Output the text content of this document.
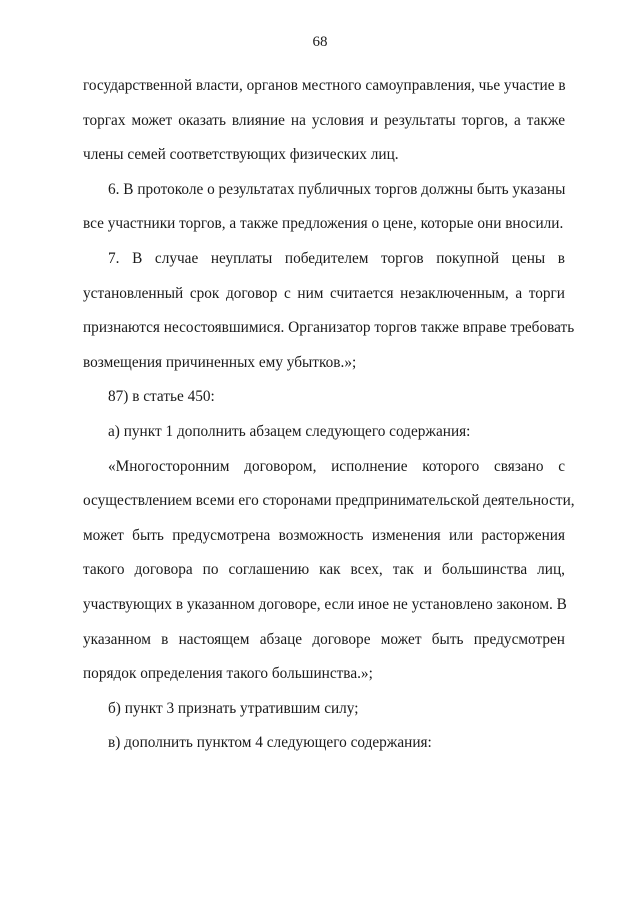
68
государственной власти, органов местного самоуправления, чье участие в
торгах может оказать влияние на условия и результаты торгов, а также
члены семей соответствующих физических лиц.
6. В протоколе о результатах публичных торгов должны быть указаны
все участники торгов, а также предложения о цене, которые они вносили.
7. В случае неуплаты победителем торгов покупной цены в
установленный срок договор с ним считается незаключенным, а торги
признаются несостоявшимися. Организатор торгов также вправе требовать
возмещения причиненных ему убытков.»;
87) в статье 450:
а) пункт 1 дополнить абзацем следующего содержания:
«Многосторонним договором, исполнение которого связано с
осуществлением всеми его сторонами предпринимательской деятельности,
может быть предусмотрена возможность изменения или расторжения
такого договора по соглашению как всех, так и большинства лиц,
участвующих в указанном договоре, если иное не установлено законом. В
указанном в настоящем абзаце договоре может быть предусмотрен
порядок определения такого большинства.»;
б) пункт 3 признать утратившим силу;
в) дополнить пунктом 4 следующего содержания:
